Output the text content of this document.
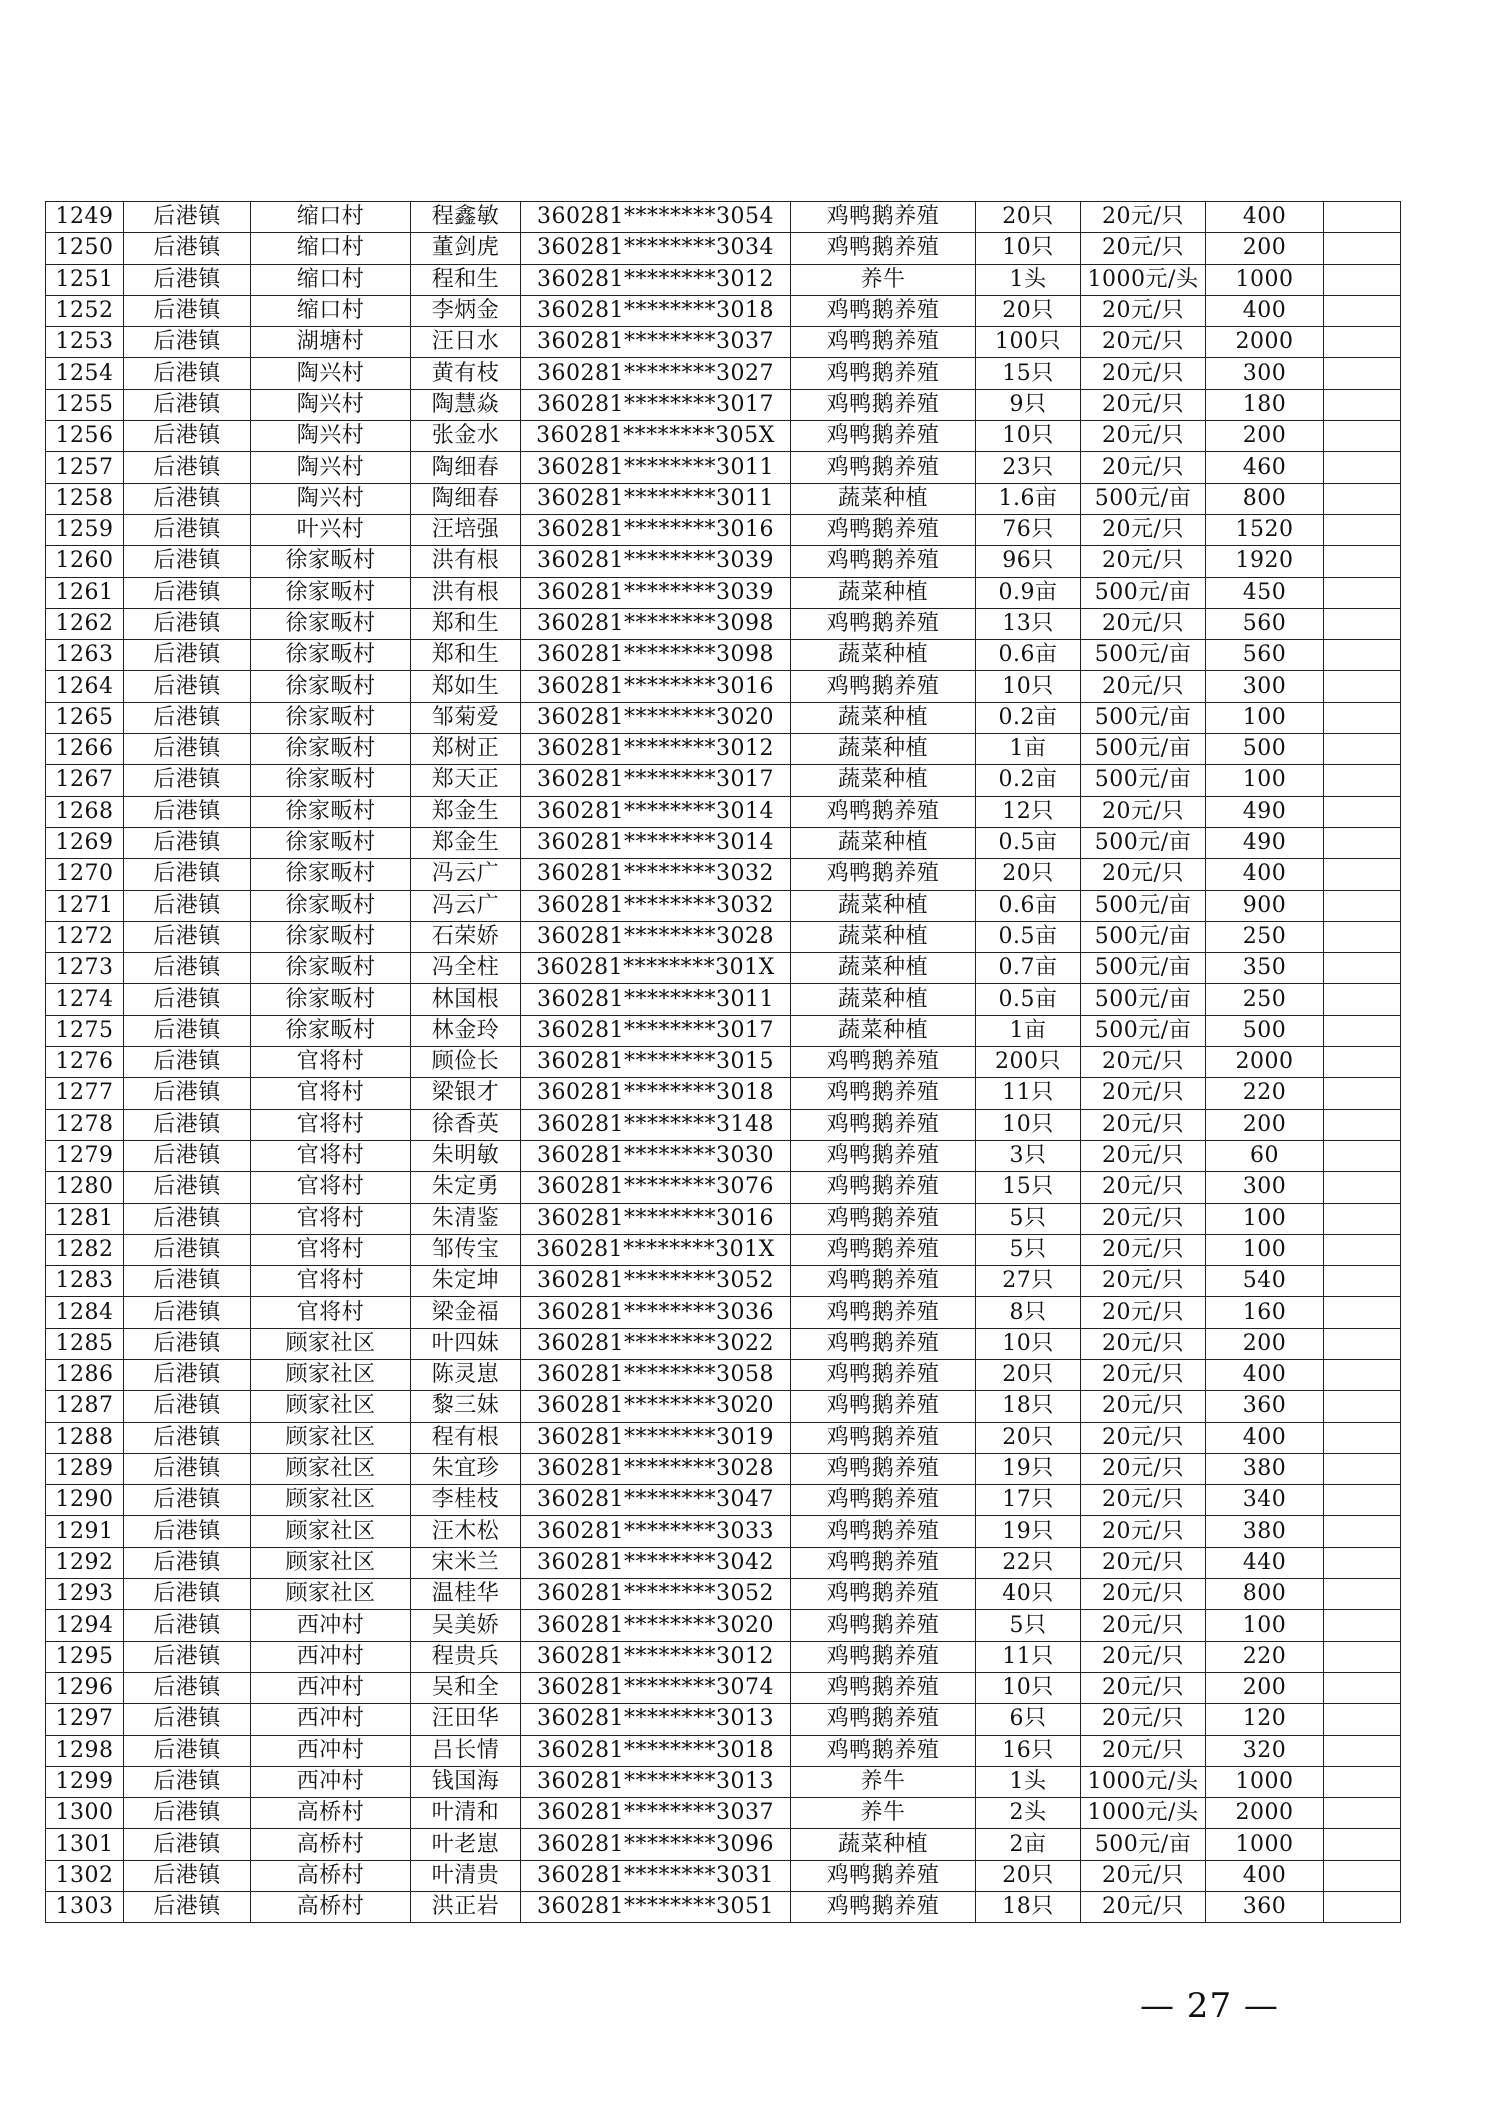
1249	后港镇	缩口村	程鑫敏	360281********3054	鸡鸭鹅养殖	20只	20元/只	400	
1250	后港镇	缩口村	董剑虎	360281********3034	鸡鸭鹅养殖	10只	20元/只	200	
1251	后港镇	缩口村	程和生	360281********3012	养牛	1头	1000元/头	1000	
1252	后港镇	缩口村	李炳金	360281********3018	鸡鸭鹅养殖	20只	20元/只	400	
1253	后港镇	湖塘村	汪日水	360281********3037	鸡鸭鹅养殖	100只	20元/只	2000	
1254	后港镇	陶兴村	黄有枝	360281********3027	鸡鸭鹅养殖	15只	20元/只	300	
1255	后港镇	陶兴村	陶慧焱	360281********3017	鸡鸭鹅养殖	9只	20元/只	180	
1256	后港镇	陶兴村	张金水	360281********305X	鸡鸭鹅养殖	10只	20元/只	200	
1257	后港镇	陶兴村	陶细春	360281********3011	鸡鸭鹅养殖	23只	20元/只	460	
1258	后港镇	陶兴村	陶细春	360281********3011	蔬菜种植	1.6亩	500元/亩	800	
1259	后港镇	叶兴村	汪培强	360281********3016	鸡鸭鹅养殖	76只	20元/只	1520	
1260	后港镇	徐家畈村	洪有根	360281********3039	鸡鸭鹅养殖	96只	20元/只	1920	
1261	后港镇	徐家畈村	洪有根	360281********3039	蔬菜种植	0.9亩	500元/亩	450	
1262	后港镇	徐家畈村	郑和生	360281********3098	鸡鸭鹅养殖	13只	20元/只	560	
1263	后港镇	徐家畈村	郑和生	360281********3098	蔬菜种植	0.6亩	500元/亩	560	
1264	后港镇	徐家畈村	郑如生	360281********3016	鸡鸭鹅养殖	10只	20元/只	300	
1265	后港镇	徐家畈村	邹菊爱	360281********3020	蔬菜种植	0.2亩	500元/亩	100	
1266	后港镇	徐家畈村	郑树正	360281********3012	蔬菜种植	1亩	500元/亩	500	
1267	后港镇	徐家畈村	郑天正	360281********3017	蔬菜种植	0.2亩	500元/亩	100	
1268	后港镇	徐家畈村	郑金生	360281********3014	鸡鸭鹅养殖	12只	20元/只	490	
1269	后港镇	徐家畈村	郑金生	360281********3014	蔬菜种植	0.5亩	500元/亩	490	
1270	后港镇	徐家畈村	冯云广	360281********3032	鸡鸭鹅养殖	20只	20元/只	400	
1271	后港镇	徐家畈村	冯云广	360281********3032	蔬菜种植	0.6亩	500元/亩	900	
1272	后港镇	徐家畈村	石荣娇	360281********3028	蔬菜种植	0.5亩	500元/亩	250	
1273	后港镇	徐家畈村	冯全柱	360281********301X	蔬菜种植	0.7亩	500元/亩	350	
1274	后港镇	徐家畈村	林国根	360281********3011	蔬菜种植	0.5亩	500元/亩	250	
1275	后港镇	徐家畈村	林金玲	360281********3017	蔬菜种植	1亩	500元/亩	500	
1276	后港镇	官将村	顾俭长	360281********3015	鸡鸭鹅养殖	200只	20元/只	2000	
1277	后港镇	官将村	梁银才	360281********3018	鸡鸭鹅养殖	11只	20元/只	220	
1278	后港镇	官将村	徐香英	360281********3148	鸡鸭鹅养殖	10只	20元/只	200	
1279	后港镇	官将村	朱明敏	360281********3030	鸡鸭鹅养殖	3只	20元/只	60	
1280	后港镇	官将村	朱定勇	360281********3076	鸡鸭鹅养殖	15只	20元/只	300	
1281	后港镇	官将村	朱清鉴	360281********3016	鸡鸭鹅养殖	5只	20元/只	100	
1282	后港镇	官将村	邹传宝	360281********301X	鸡鸭鹅养殖	5只	20元/只	100	
1283	后港镇	官将村	朱定坤	360281********3052	鸡鸭鹅养殖	27只	20元/只	540	
1284	后港镇	官将村	梁金福	360281********3036	鸡鸭鹅养殖	8只	20元/只	160	
1285	后港镇	顾家社区	叶四妹	360281********3022	鸡鸭鹅养殖	10只	20元/只	200	
1286	后港镇	顾家社区	陈灵崽	360281********3058	鸡鸭鹅养殖	20只	20元/只	400	
1287	后港镇	顾家社区	黎三妹	360281********3020	鸡鸭鹅养殖	18只	20元/只	360	
1288	后港镇	顾家社区	程有根	360281********3019	鸡鸭鹅养殖	20只	20元/只	400	
1289	后港镇	顾家社区	朱宜珍	360281********3028	鸡鸭鹅养殖	19只	20元/只	380	
1290	后港镇	顾家社区	李桂枝	360281********3047	鸡鸭鹅养殖	17只	20元/只	340	
1291	后港镇	顾家社区	汪木松	360281********3033	鸡鸭鹅养殖	19只	20元/只	380	
1292	后港镇	顾家社区	宋米兰	360281********3042	鸡鸭鹅养殖	22只	20元/只	440	
1293	后港镇	顾家社区	温桂华	360281********3052	鸡鸭鹅养殖	40只	20元/只	800	
1294	后港镇	西冲村	吴美娇	360281********3020	鸡鸭鹅养殖	5只	20元/只	100	
1295	后港镇	西冲村	程贵兵	360281********3012	鸡鸭鹅养殖	11只	20元/只	220	
1296	后港镇	西冲村	吴和全	360281********3074	鸡鸭鹅养殖	10只	20元/只	200	
1297	后港镇	西冲村	汪田华	360281********3013	鸡鸭鹅养殖	6只	20元/只	120	
1298	后港镇	西冲村	吕长情	360281********3018	鸡鸭鹅养殖	16只	20元/只	320	
1299	后港镇	西冲村	钱国海	360281********3013	养牛	1头	1000元/头	1000	
1300	后港镇	高桥村	叶清和	360281********3037	养牛	2头	1000元/头	2000	
1301	后港镇	高桥村	叶老崽	360281********3096	蔬菜种植	2亩	500元/亩	1000	
1302	后港镇	高桥村	叶清贵	360281********3031	鸡鸭鹅养殖	20只	20元/只	400	
1303	后港镇	高桥村	洪正岩	360281********3051	鸡鸭鹅养殖	18只	20元/只	360	
— 27 —
